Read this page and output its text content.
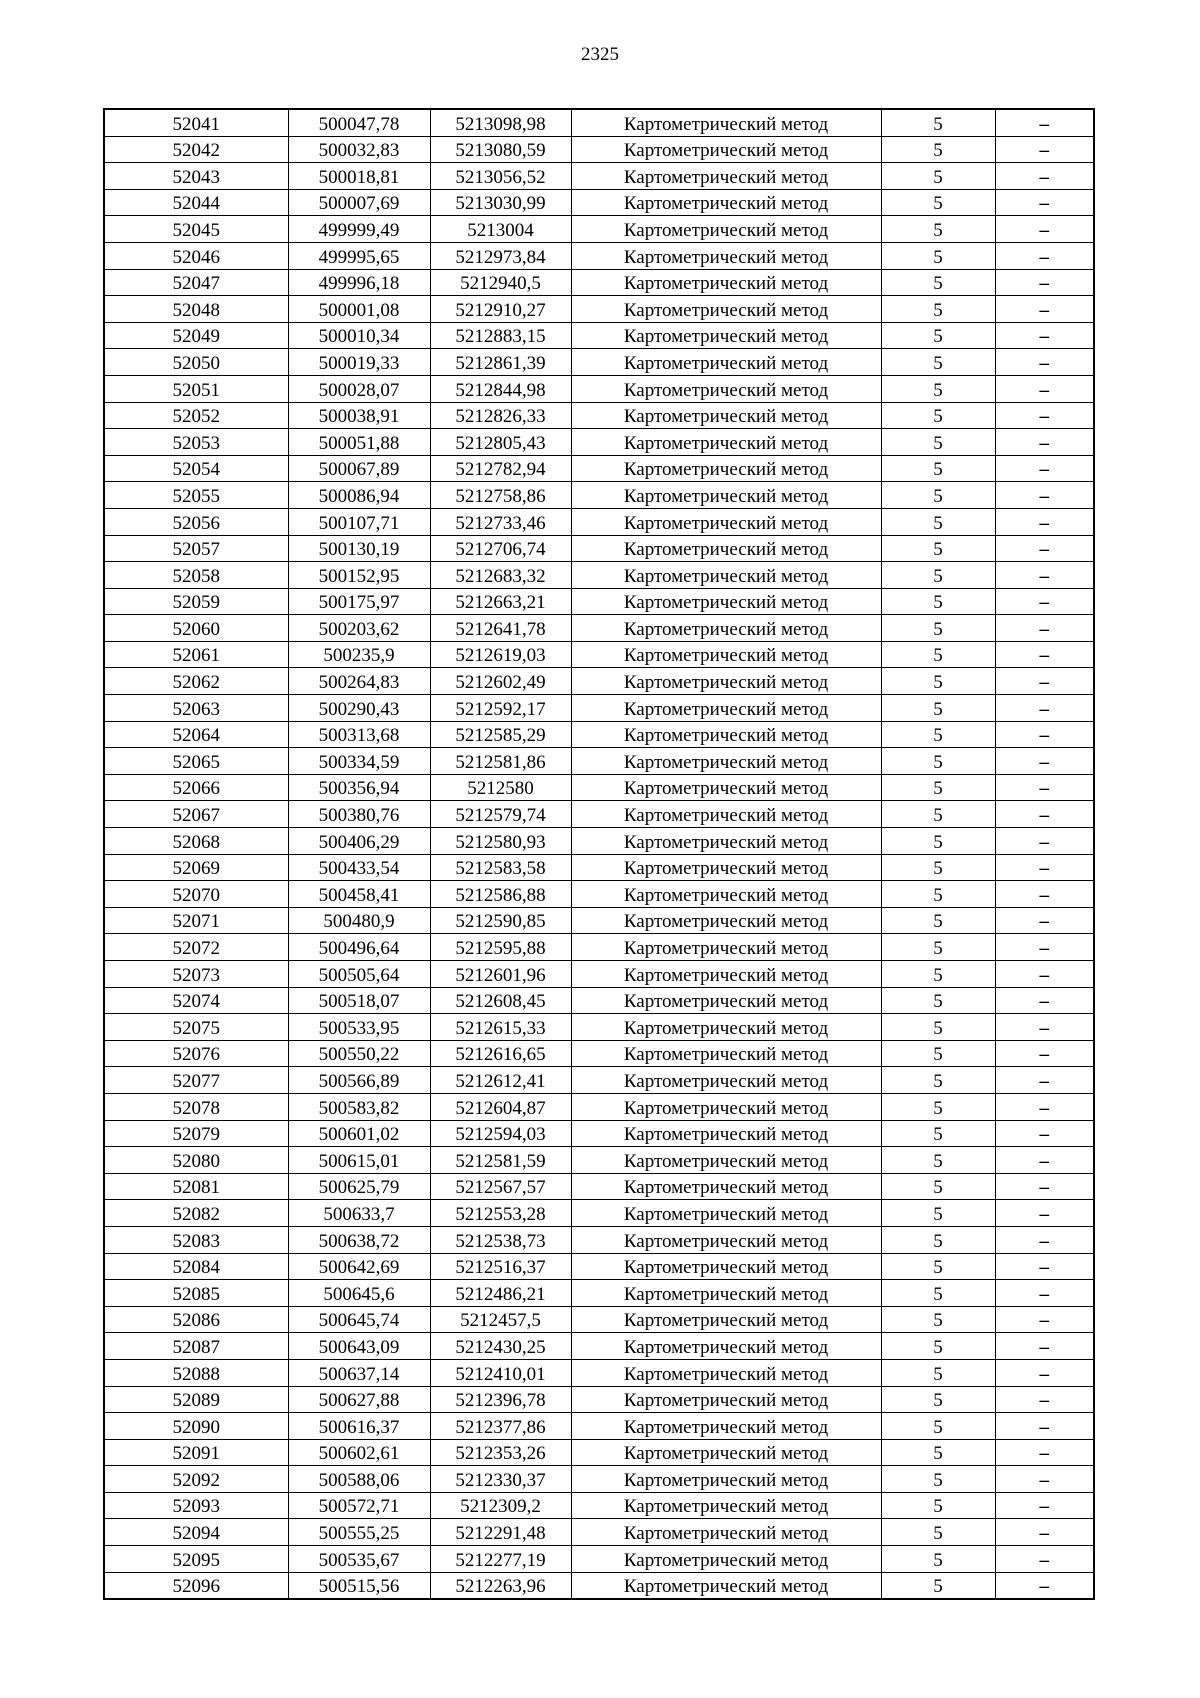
2325
52041	500047,78	5213098,98	Картометрический метод	5	–
52042	500032,83	5213080,59	Картометрический метод	5	–
52043	500018,81	5213056,52	Картометрический метод	5	–
52044	500007,69	5213030,99	Картометрический метод	5	–
52045	499999,49	5213004	Картометрический метод	5	–
52046	499995,65	5212973,84	Картометрический метод	5	–
52047	499996,18	5212940,5	Картометрический метод	5	–
52048	500001,08	5212910,27	Картометрический метод	5	–
52049	500010,34	5212883,15	Картометрический метод	5	–
52050	500019,33	5212861,39	Картометрический метод	5	–
52051	500028,07	5212844,98	Картометрический метод	5	–
52052	500038,91	5212826,33	Картометрический метод	5	–
52053	500051,88	5212805,43	Картометрический метод	5	–
52054	500067,89	5212782,94	Картометрический метод	5	–
52055	500086,94	5212758,86	Картометрический метод	5	–
52056	500107,71	5212733,46	Картометрический метод	5	–
52057	500130,19	5212706,74	Картометрический метод	5	–
52058	500152,95	5212683,32	Картометрический метод	5	–
52059	500175,97	5212663,21	Картометрический метод	5	–
52060	500203,62	5212641,78	Картометрический метод	5	–
52061	500235,9	5212619,03	Картометрический метод	5	–
52062	500264,83	5212602,49	Картометрический метод	5	–
52063	500290,43	5212592,17	Картометрический метод	5	–
52064	500313,68	5212585,29	Картометрический метод	5	–
52065	500334,59	5212581,86	Картометрический метод	5	–
52066	500356,94	5212580	Картометрический метод	5	–
52067	500380,76	5212579,74	Картометрический метод	5	–
52068	500406,29	5212580,93	Картометрический метод	5	–
52069	500433,54	5212583,58	Картометрический метод	5	–
52070	500458,41	5212586,88	Картометрический метод	5	–
52071	500480,9	5212590,85	Картометрический метод	5	–
52072	500496,64	5212595,88	Картометрический метод	5	–
52073	500505,64	5212601,96	Картометрический метод	5	–
52074	500518,07	5212608,45	Картометрический метод	5	–
52075	500533,95	5212615,33	Картометрический метод	5	–
52076	500550,22	5212616,65	Картометрический метод	5	–
52077	500566,89	5212612,41	Картометрический метод	5	–
52078	500583,82	5212604,87	Картометрический метод	5	–
52079	500601,02	5212594,03	Картометрический метод	5	–
52080	500615,01	5212581,59	Картометрический метод	5	–
52081	500625,79	5212567,57	Картометрический метод	5	–
52082	500633,7	5212553,28	Картометрический метод	5	–
52083	500638,72	5212538,73	Картометрический метод	5	–
52084	500642,69	5212516,37	Картометрический метод	5	–
52085	500645,6	5212486,21	Картометрический метод	5	–
52086	500645,74	5212457,5	Картометрический метод	5	–
52087	500643,09	5212430,25	Картометрический метод	5	–
52088	500637,14	5212410,01	Картометрический метод	5	–
52089	500627,88	5212396,78	Картометрический метод	5	–
52090	500616,37	5212377,86	Картометрический метод	5	–
52091	500602,61	5212353,26	Картометрический метод	5	–
52092	500588,06	5212330,37	Картометрический метод	5	–
52093	500572,71	5212309,2	Картометрический метод	5	–
52094	500555,25	5212291,48	Картометрический метод	5	–
52095	500535,67	5212277,19	Картометрический метод	5	–
52096	500515,56	5212263,96	Картометрический метод	5	–
